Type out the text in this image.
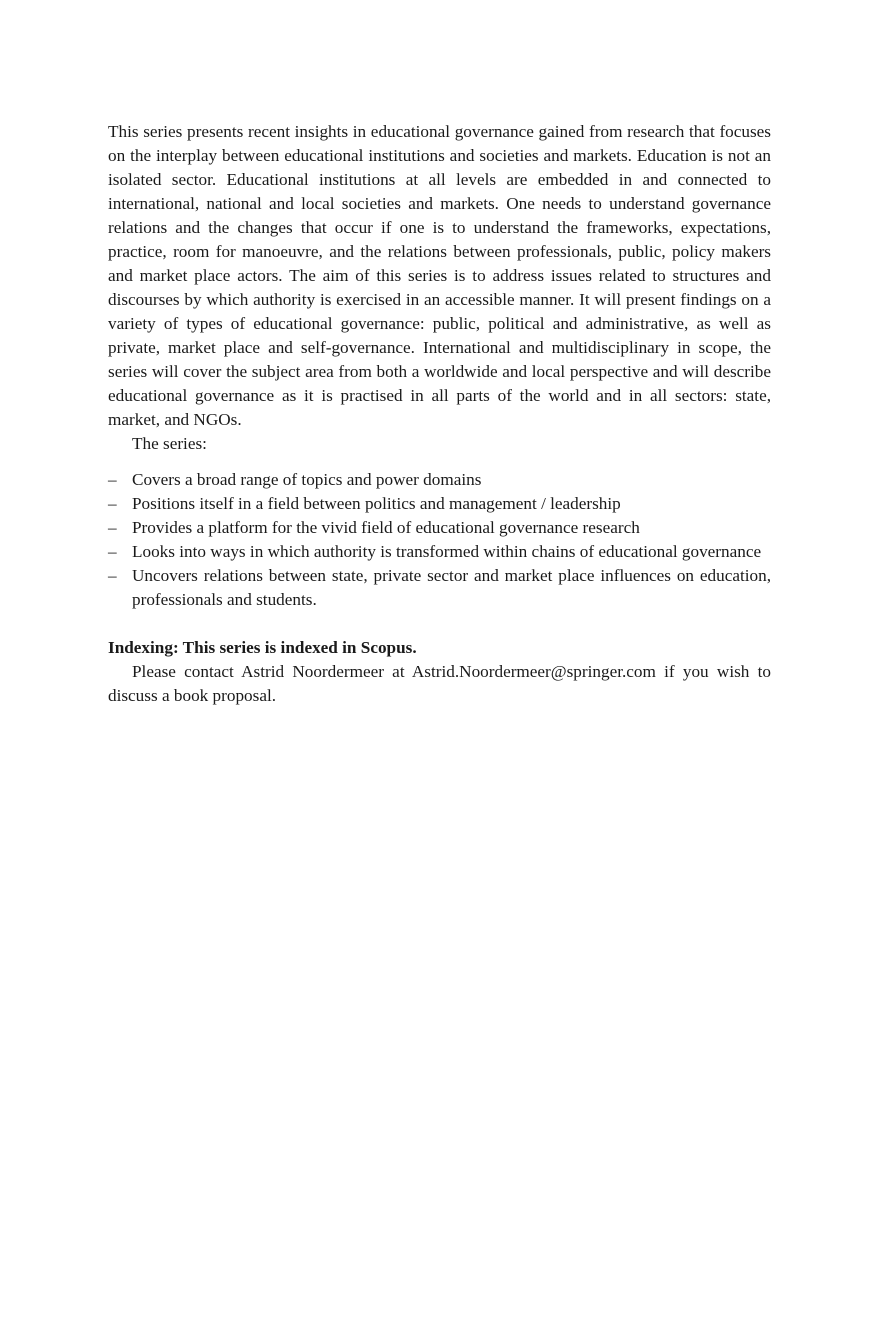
This series presents recent insights in educational governance gained from research that focuses on the interplay between educational institutions and societies and markets. Education is not an isolated sector. Educational institutions at all levels are embedded in and connected to international, national and local societies and markets. One needs to understand governance relations and the changes that occur if one is to understand the frameworks, expectations, practice, room for manoeuvre, and the relations between professionals, public, policy makers and market place actors. The aim of this series is to address issues related to structures and discourses by which authority is exercised in an accessible manner. It will present findings on a variety of types of educational governance: public, political and administrative, as well as private, market place and self-governance. International and multidisciplinary in scope, the series will cover the subject area from both a worldwide and local perspective and will describe educational governance as it is practised in all parts of the world and in all sectors: state, market, and NGOs.

The series:

– Covers a broad range of topics and power domains
– Positions itself in a field between politics and management / leadership
– Provides a platform for the vivid field of educational governance research
– Looks into ways in which authority is transformed within chains of educational governance
– Uncovers relations between state, private sector and market place influences on education, professionals and students.

Indexing: This series is indexed in Scopus.

Please contact Astrid Noordermeer at Astrid.Noordermeer@springer.com if you wish to discuss a book proposal.
